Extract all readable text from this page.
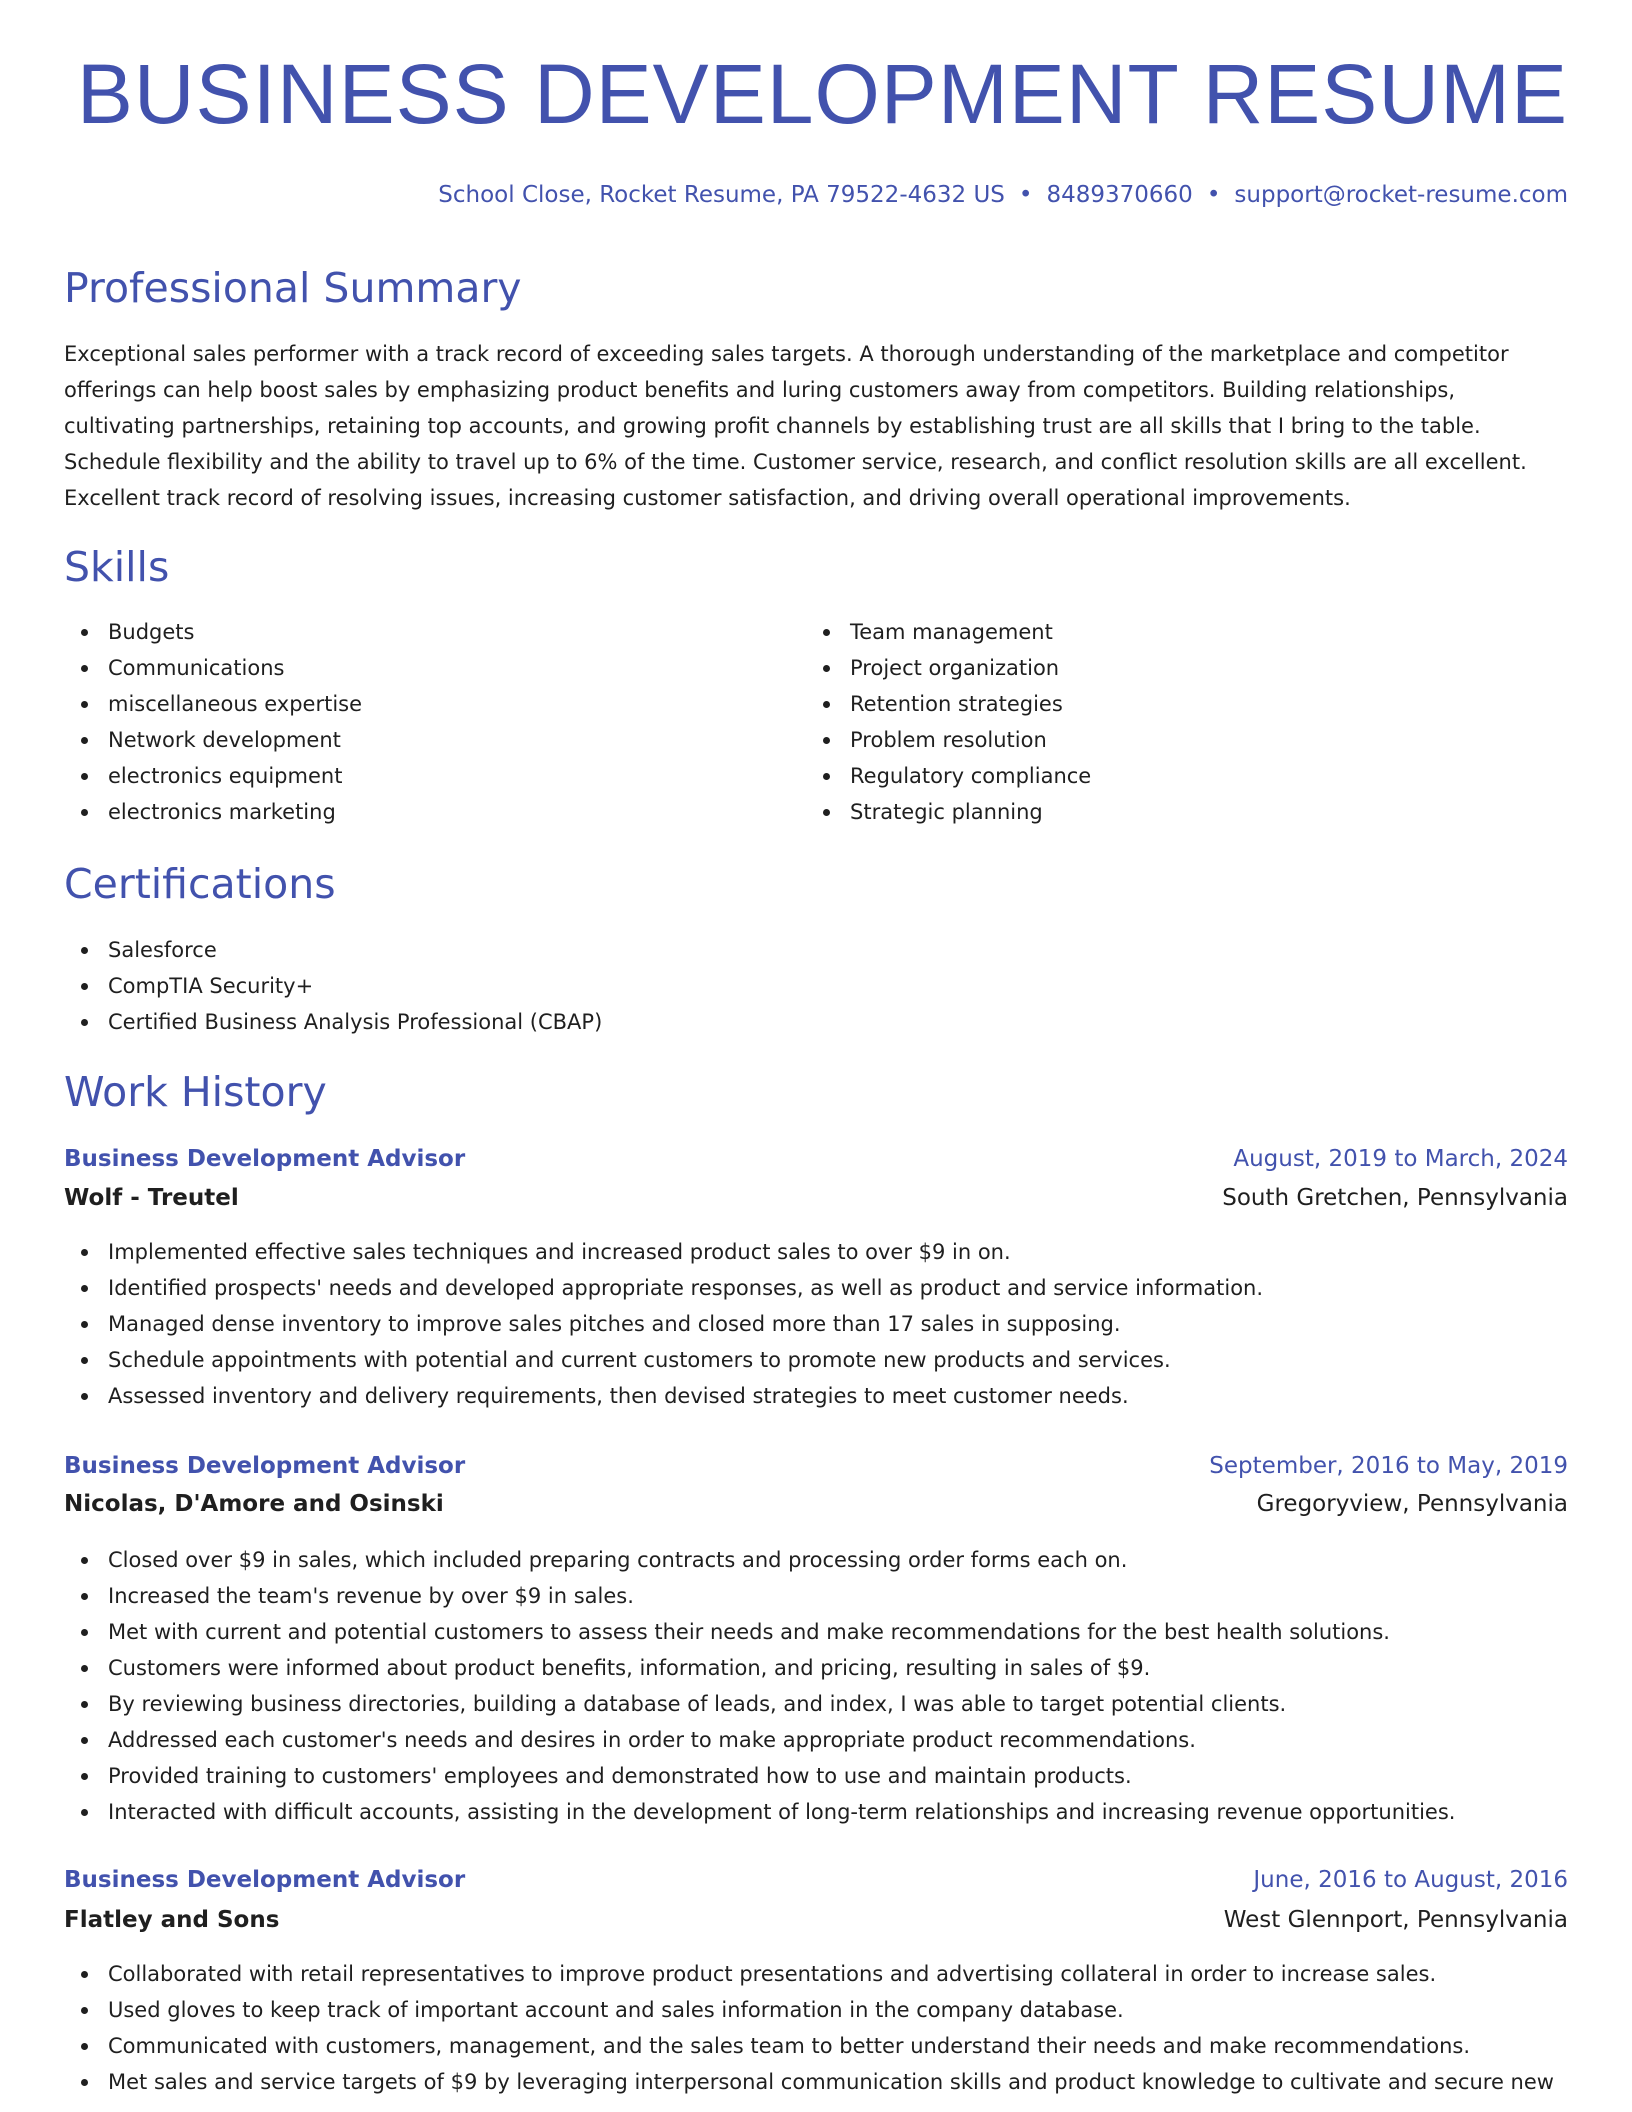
BUSINESS DEVELOPMENT RESUME
School Close, Rocket Resume, PA 79522-4632 US • 8489370660 • support@rocket-resume.com
Professional Summary

Exceptional sales performer with a track record of exceeding sales targets. A thorough understanding of the marketplace and competitor offerings can help boost sales by emphasizing product benefits and luring customers away from competitors. Building relationships, cultivating partnerships, retaining top accounts, and growing profit channels by establishing trust are all skills that I bring to the table. Schedule flexibility and the ability to travel up to 6% of the time. Customer service, research, and conflict resolution skills are all excellent. Excellent track record of resolving issues, increasing customer satisfaction, and driving overall operational improvements.

Skills
Budgets
Communications
miscellaneous expertise
Network development
electronics equipment
electronics marketing
Team management
Project organization
Retention strategies
Problem resolution
Regulatory compliance
Strategic planning
Certifications
Salesforce
CompTIA Security+
Certified Business Analysis Professional (CBAP)
Work History
Business Development Advisor	August, 2019 to March, 2024
Wolf - Treutel	South Gretchen, Pennsylvania
Implemented effective sales techniques and increased product sales to over $9 in on.
Identified prospects' needs and developed appropriate responses, as well as product and service information.
Managed dense inventory to improve sales pitches and closed more than 17 sales in supposing.
Schedule appointments with potential and current customers to promote new products and services.
Assessed inventory and delivery requirements, then devised strategies to meet customer needs.
Business Development Advisor	September, 2016 to May, 2019
Nicolas, D'Amore and Osinski	Gregoryview, Pennsylvania
Closed over $9 in sales, which included preparing contracts and processing order forms each on.
Increased the team's revenue by over $9 in sales.
Met with current and potential customers to assess their needs and make recommendations for the best health solutions.
Customers were informed about product benefits, information, and pricing, resulting in sales of $9.
By reviewing business directories, building a database of leads, and index, I was able to target potential clients.
Addressed each customer's needs and desires in order to make appropriate product recommendations.
Provided training to customers' employees and demonstrated how to use and maintain products.
Interacted with difficult accounts, assisting in the development of long-term relationships and increasing revenue opportunities.
Business Development Advisor	June, 2016 to August, 2016
Flatley and Sons	West Glennport, Pennsylvania
Collaborated with retail representatives to improve product presentations and advertising collateral in order to increase sales.
Used gloves to keep track of important account and sales information in the company database.
Communicated with customers, management, and the sales team to better understand their needs and make recommendations.
Met sales and service targets of $9 by leveraging interpersonal communication skills and product knowledge to cultivate and secure new
